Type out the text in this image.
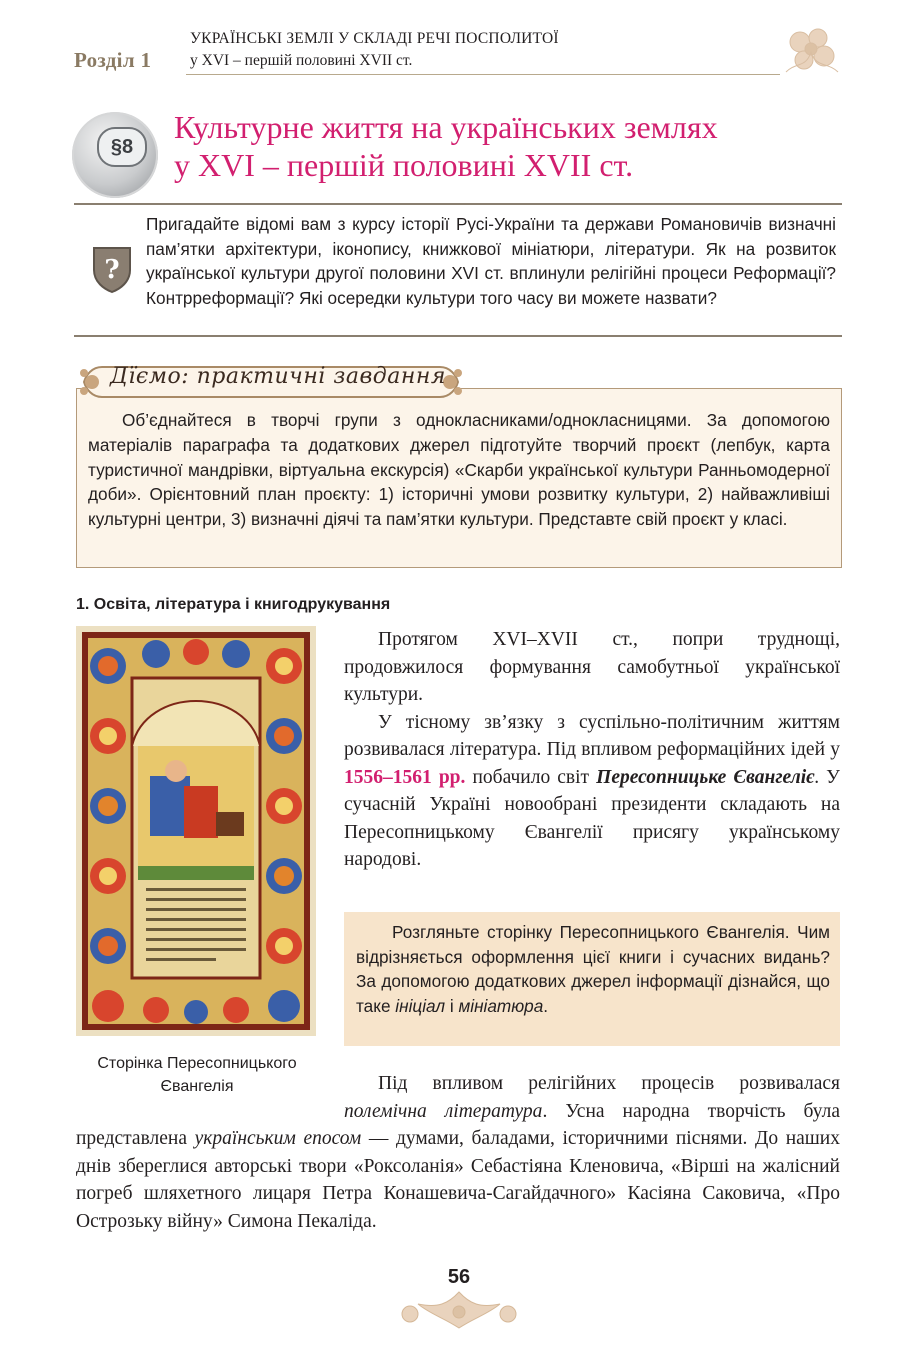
Розділ 1
УКРАЇНСЬКІ ЗЕМЛІ У СКЛАДІ РЕЧІ ПОСПОЛИТОЇ
у XVI – першій половині XVII ст.
§8
Культурне життя на українських землях
у XVI – першій половині XVII ст.
?
Пригадайте відомі вам з курсу історії Русі-України та держави Романовичів визначні пам’ятки архітектури, іконопису, книжкової мініатюри, літератури. Як на розвиток української культури другої половини XVI ст. вплинули релігійні процеси Реформації? Контрреформації? Які осередки культури того часу ви можете назвати?
Дїємо: практичні завдання
Об’єднайтеся в творчі групи з однокласниками/однокласницями. За допомогою матеріалів параграфа та додаткових джерел підготуйте творчий проєкт (лепбук, карта туристичної мандрівки, віртуальна екскурсія) «Скарби української культури Ранньомодерної доби». Орієнтовний план проєкту: 1) історичні умови розвитку культури, 2) найважливіші культурні центри, 3) визначні діячі та пам’ятки культури. Представте свій проєкт у класі.
1. Освіта, література і книгодрукування
Сторінка Пересопницького Євангелія

Протягом XVI–XVII ст., попри труднощі, продовжилося формування самобутньої української культури.

У тісному зв’язку з суспільно-політичним життям розвивалася література. Під впливом реформаційних ідей у 1556–1561 рр. побачило світ Пересопницьке Євангеліє. У сучасній Україні новообрані президенти складають на Пересопницькому Євангелії присягу українському народові.

Розгляньте сторінку Пересопницького Євангелія. Чим відрізняється оформлення цієї книги і сучасних видань? За допомогою додаткових джерел інформації дізнайся, що таке ініціал і мініатюра.

Під впливом релігійних процесів розвивалася полемічна література. Усна народна творчість була представлена українським епосом — думами, баладами, історичними піснями. До наших днів збереглися авторські твори «Роксоланія» Себастіяна Кленовича, «Вірші на жалісний погреб шляхетного лицаря Петра Конашевича-Сагайдачного» Касіяна Саковича, «Про Острозьку війну» Симона Пекаліда.

56
